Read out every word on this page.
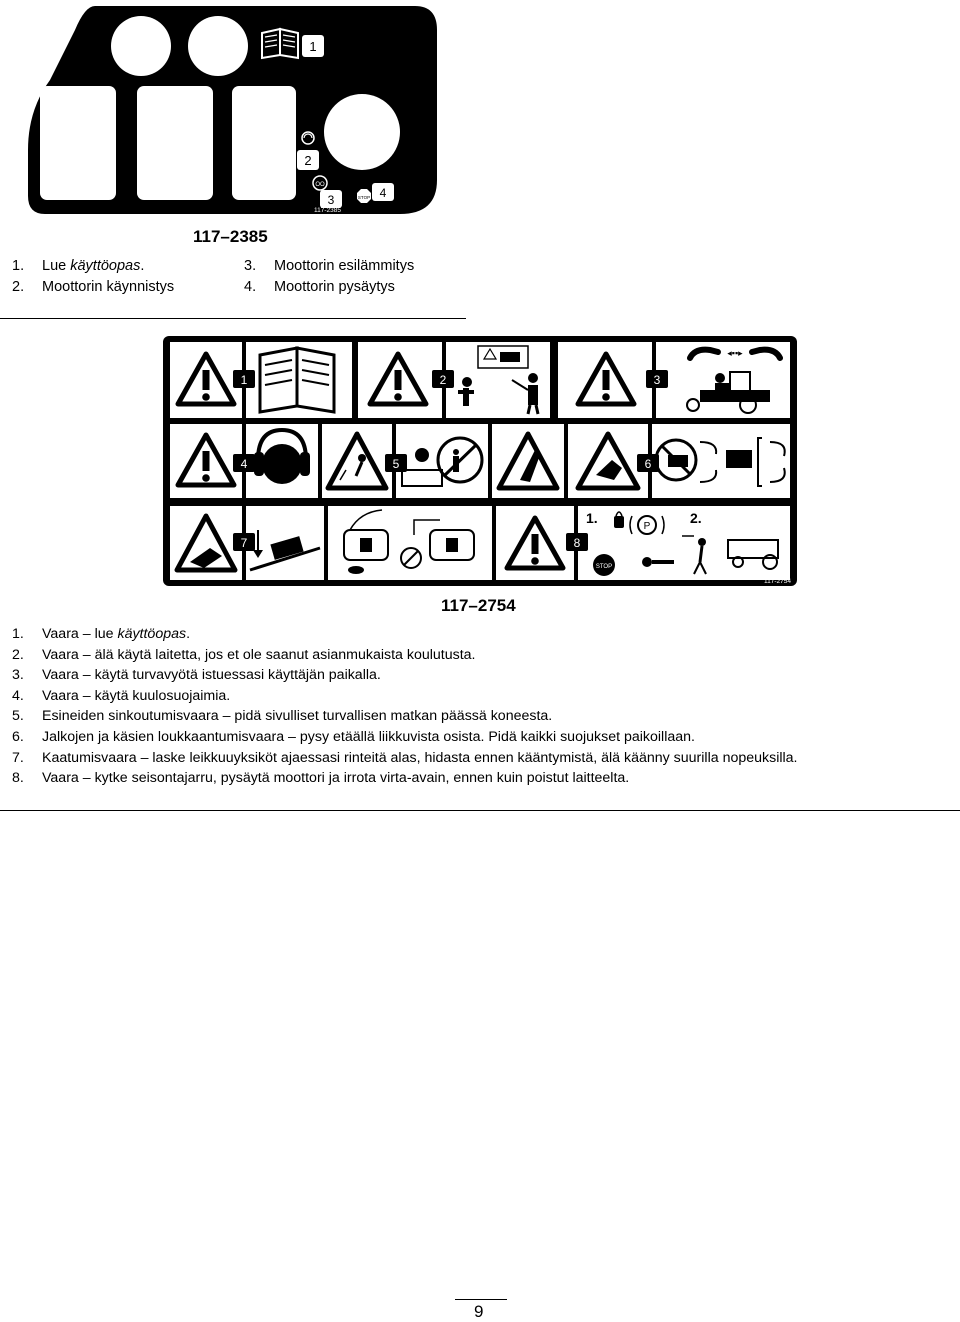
1
2
OO
3	STOP 4
117-2385
117–2385
1. Lue käyttöopas.
2. Moottorin käynnistys
3. Moottorin esilämmitys
4. Moottorin pysäytys
1	2
◂▪▪▸
3
4	5	6
7
1.	2.
P
STOP
8
117-2754
117–2754
1. Vaara – lue käyttöopas.
2. Vaara – älä käytä laitetta, jos et ole saanut asianmukaista koulutusta.
3. Vaara – käytä turvavyötä istuessasi käyttäjän paikalla.
4. Vaara – käytä kuulosuojaimia.
5. Esineiden sinkoutumisvaara – pidä sivulliset turvallisen matkan päässä koneesta.
6. Jalkojen ja käsien loukkaantumisvaara – pysy etäällä liikkuvista osista. Pidä kaikki suojukset paikoillaan.
7. Kaatumisvaara – laske leikkuuyksiköt ajaessasi rinteitä alas, hidasta ennen kääntymistä, älä käänny suurilla nopeuksilla.
8. Vaara – kytke seisontajarru, pysäytä moottori ja irrota virta-avain, ennen kuin poistut laitteelta.
9
